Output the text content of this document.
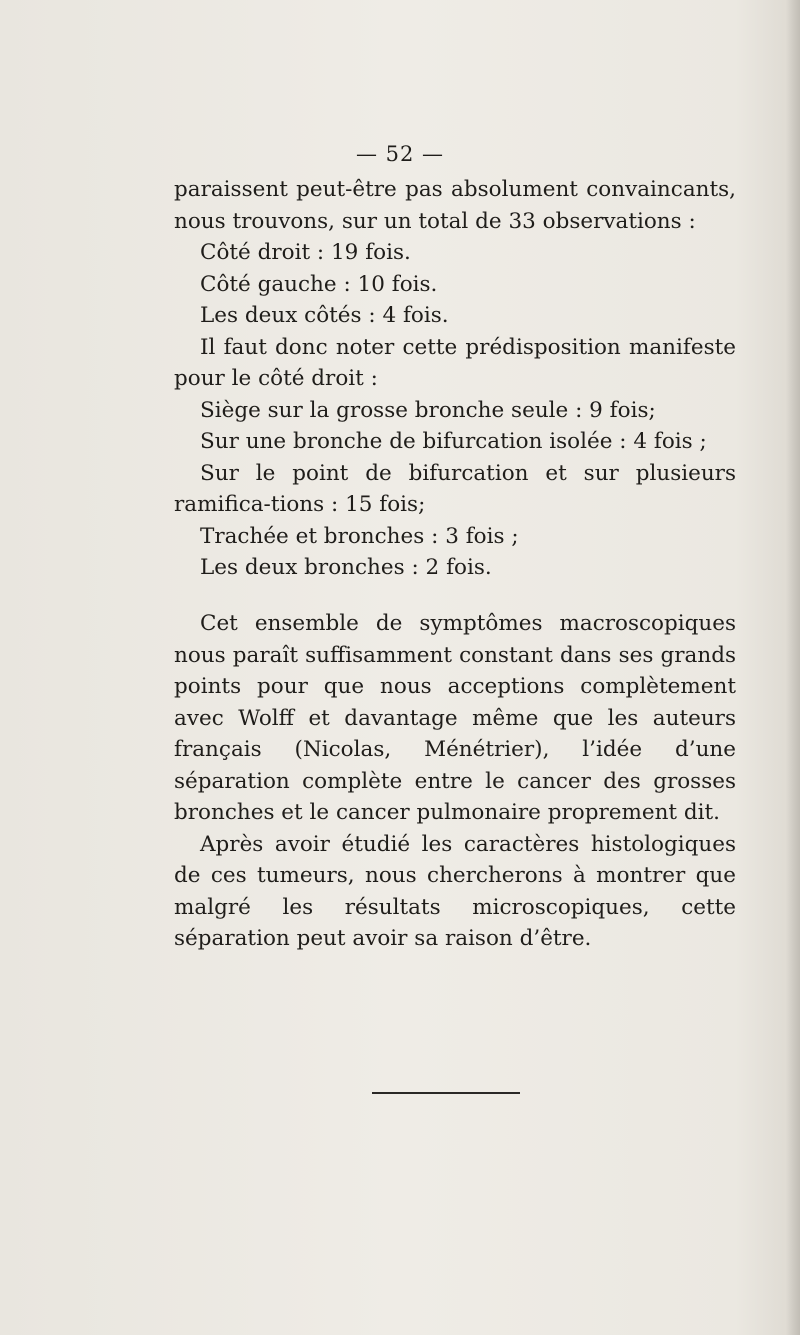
— 52 —

paraissent peut-être pas absolument convaincants, nous trouvons, sur un total de 33 observations :

Côté droit : 19 fois.

Côté gauche : 10 fois.

Les deux côtés : 4 fois.

Il faut donc noter cette prédisposition manifeste pour le côté droit :

Siège sur la grosse bronche seule : 9 fois;

Sur une bronche de bifurcation isolée : 4 fois ;

Sur le point de bifurcation et sur plusieurs ramifica-tions : 15 fois;

Trachée et bronches : 3 fois ;

Les deux bronches : 2 fois.

Cet ensemble de symptômes macroscopiques nous paraît suffisamment constant dans ses grands points pour que nous acceptions complètement avec Wolff et davantage même que les auteurs français (Nicolas, Ménétrier), l’idée d’une séparation complète entre le cancer des grosses bronches et le cancer pulmonaire proprement dit.

Après avoir étudié les caractères histologiques de ces tumeurs, nous chercherons à montrer que malgré les résultats microscopiques, cette séparation peut avoir sa raison d’être.
